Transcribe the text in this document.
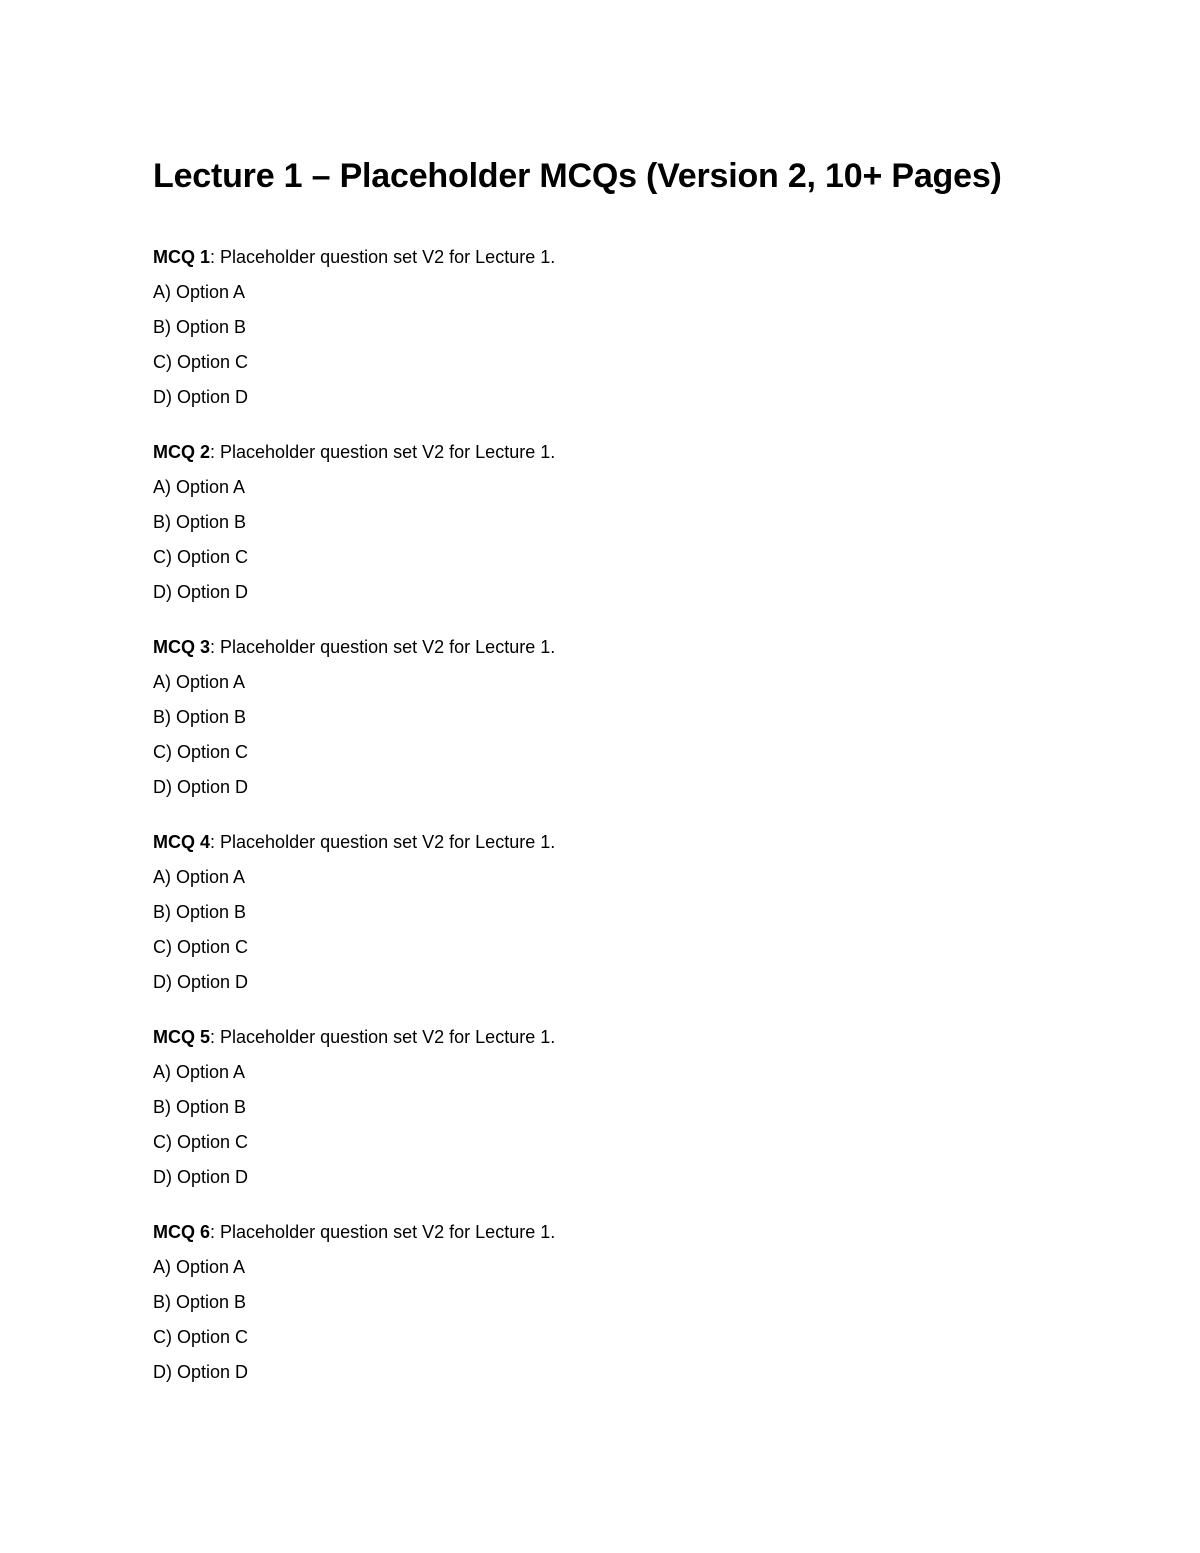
Lecture 1 – Placeholder MCQs (Version 2, 10+ Pages)
MCQ 1: Placeholder question set V2 for Lecture 1.
A) Option A
B) Option B
C) Option C
D) Option D
MCQ 2: Placeholder question set V2 for Lecture 1.
A) Option A
B) Option B
C) Option C
D) Option D
MCQ 3: Placeholder question set V2 for Lecture 1.
A) Option A
B) Option B
C) Option C
D) Option D
MCQ 4: Placeholder question set V2 for Lecture 1.
A) Option A
B) Option B
C) Option C
D) Option D
MCQ 5: Placeholder question set V2 for Lecture 1.
A) Option A
B) Option B
C) Option C
D) Option D
MCQ 6: Placeholder question set V2 for Lecture 1.
A) Option A
B) Option B
C) Option C
D) Option D
